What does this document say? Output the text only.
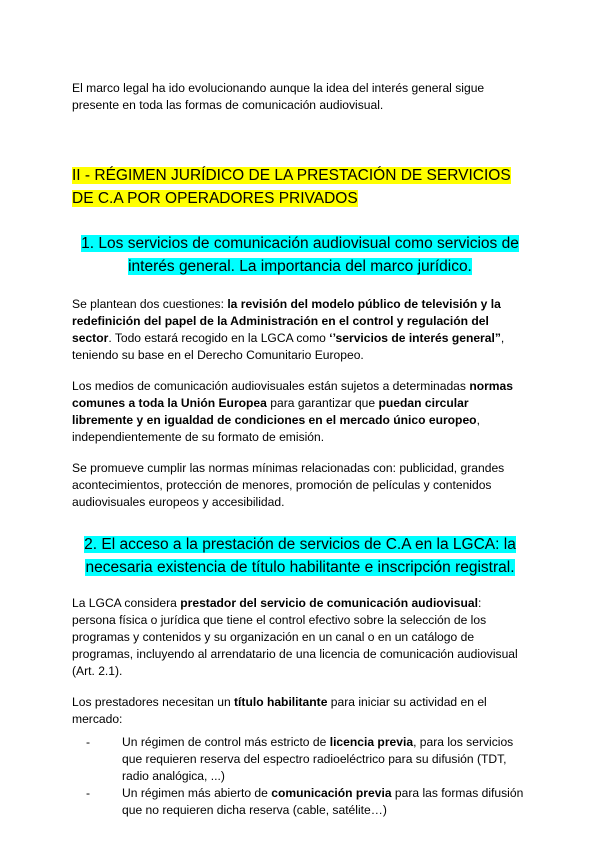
El marco legal ha ido evolucionando aunque la idea del interés general sigue presente en toda las formas de comunicación audiovisual.

II - RÉGIMEN JURÍDICO DE LA PRESTACIÓN DE SERVICIOS DE C.A POR OPERADORES PRIVADOS
1. Los servicios de comunicación audiovisual como servicios de interés general. La importancia del marco jurídico.

Se plantean dos cuestiones: la revisión del modelo público de televisión y la redefinición del papel de la Administración en el control y regulación del sector. Todo estará recogido en la LGCA como ‘’servicios de interés general”, teniendo su base en el Derecho Comunitario Europeo.

Los medios de comunicación audiovisuales están sujetos a determinadas normas comunes a toda la Unión Europea para garantizar que puedan circular libremente y en igualdad de condiciones en el mercado único europeo, independientemente de su formato de emisión.

Se promueve cumplir las normas mínimas relacionadas con: publicidad, grandes acontecimientos, protección de menores, promoción de películas y contenidos audiovisuales europeos y accesibilidad.

2. El acceso a la prestación de servicios de C.A en la LGCA: la necesaria existencia de título habilitante e inscripción registral.

La LGCA considera prestador del servicio de comunicación audiovisual: persona física o jurídica que tiene el control efectivo sobre la selección de los programas y contenidos y su organización en un canal o en un catálogo de programas, incluyendo al arrendatario de una licencia de comunicación audiovisual (Art. 2.1).

Los prestadores necesitan un título habilitante para iniciar su actividad en el mercado:

-	Un régimen de control más estricto de licencia previa, para los servicios que requieren reserva del espectro radioeléctrico para su difusión (TDT, radio analógica, ...)
-	Un régimen más abierto de comunicación previa para las formas difusión que no requieren dicha reserva (cable, satélite…)
